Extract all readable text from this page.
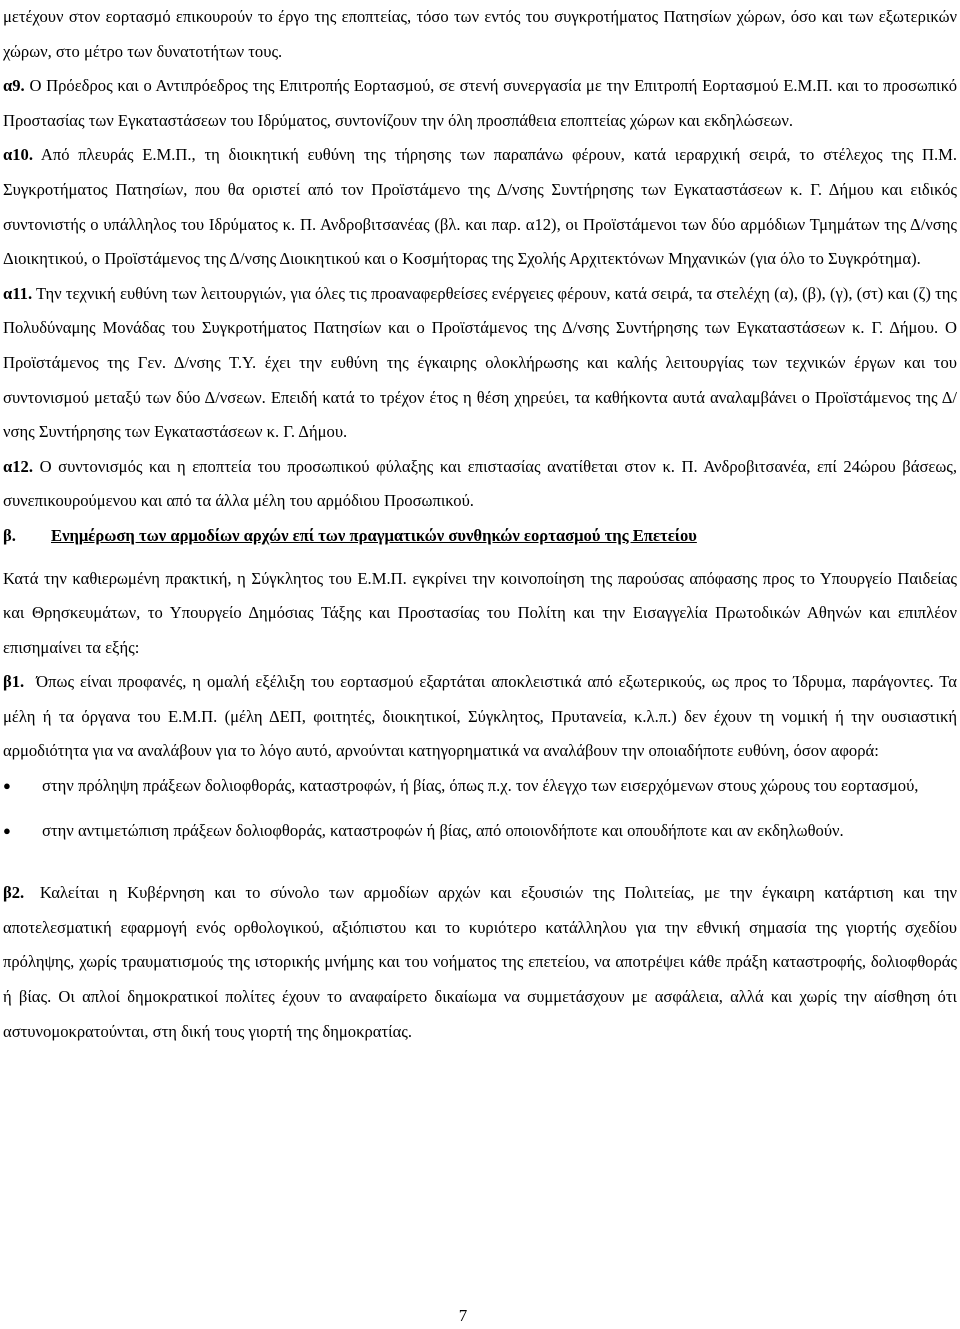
μετέχουν στον εορτασμό επικουρούν το έργο της εποπτείας, τόσο των εντός του συγκροτήματος Πατησίων χώρων, όσο και των εξωτερικών χώρων, στο μέτρο των δυνατοτήτων τους.

α9. Ο Πρόεδρος και ο Αντιπρόεδρος της Επιτροπής Εορτασμού, σε στενή συνεργασία με την Επιτροπή Εορτασμού Ε.Μ.Π. και το προσωπικό Προστασίας των Εγκαταστάσεων του Ιδρύματος, συντονίζουν την όλη προσπάθεια εποπτείας χώρων και εκδηλώσεων.

α10. Από πλευράς Ε.Μ.Π., τη διοικητική ευθύνη της τήρησης των παραπάνω φέρουν, κατά ιεραρχική σειρά, το στέλεχος της Π.Μ. Συγκροτήματος Πατησίων, που θα οριστεί από τον Προϊστάμενο της Δ/νσης Συντήρησης των Εγκαταστάσεων κ. Γ. Δήμου και ειδικός συντονιστής ο υπάλληλος του Ιδρύματος κ. Π. Ανδροβιτσανέας (βλ. και παρ. α12), οι Προϊστάμενοι των δύο αρμόδιων Τμημάτων της Δ/νσης Διοικητικού, ο Προϊστάμενος της Δ/νσης Διοικητικού και ο Κοσμήτορας της Σχολής Αρχιτεκτόνων Μηχανικών (για όλο το Συγκρότημα).

α11. Την τεχνική ευθύνη των λειτουργιών, για όλες τις προαναφερθείσες ενέργειες φέρουν, κατά σειρά, τα στελέχη (α), (β), (γ), (στ) και (ζ) της Πολυδύναμης Μονάδας του Συγκροτήματος Πατησίων και ο Προϊστάμενος της Δ/νσης Συντήρησης των Εγκαταστάσεων κ. Γ. Δήμου. Ο Προϊστάμενος της Γεν. Δ/νσης Τ.Υ. έχει την ευθύνη της έγκαιρης ολοκλήρωσης και καλής λειτουργίας των τεχνικών έργων και του συντονισμού μεταξύ των δύο Δ/νσεων. Επειδή κατά το τρέχον έτος η θέση χηρεύει, τα καθήκοντα αυτά αναλαμβάνει ο Προϊστάμενος της Δ/νσης Συντήρησης των Εγκαταστάσεων κ. Γ. Δήμου.

α12. Ο συντονισμός και η εποπτεία του προσωπικού φύλαξης και επιστασίας ανατίθεται στον κ. Π. Ανδροβιτσανέα, επί 24ώρου βάσεως, συνεπικουρούμενου και από τα άλλα μέλη του αρμόδιου Προσωπικού.

β.	Ενημέρωση των αρμοδίων αρχών επί των πραγματικών συνθηκών εορτασμού της Επετείου

Κατά την καθιερωμένη πρακτική, η Σύγκλητος του Ε.Μ.Π. εγκρίνει την κοινοποίηση της παρούσας απόφασης προς το Υπουργείο Παιδείας και Θρησκευμάτων, το Υπουργείο Δημόσιας Τάξης και Προστασίας του Πολίτη και την Εισαγγελία Πρωτοδικών Αθηνών και επιπλέον επισημαίνει τα εξής:

β1. Όπως είναι προφανές, η ομαλή εξέλιξη του εορτασμού εξαρτάται αποκλειστικά από εξωτερικούς, ως προς το Ίδρυμα, παράγοντες. Τα μέλη ή τα όργανα του Ε.Μ.Π. (μέλη ΔΕΠ, φοιτητές, διοικητικοί, Σύγκλητος, Πρυτανεία, κ.λ.π.) δεν έχουν τη νομική ή την ουσιαστική αρμοδιότητα για να αναλάβουν για το λόγο αυτό, αρνούνται κατηγορηματικά να αναλάβουν την οποιαδήποτε ευθύνη, όσον αφορά:

● στην πρόληψη πράξεων δολιοφθοράς, καταστροφών, ή βίας, όπως π.χ. τον έλεγχο των εισερχόμενων στους χώρους του εορτασμού,

● στην αντιμετώπιση πράξεων δολιοφθοράς, καταστροφών ή βίας, από οποιονδήποτε και οπουδήποτε και αν εκδηλωθούν.

β2. Καλείται η Κυβέρνηση και το σύνολο των αρμοδίων αρχών και εξουσιών της Πολιτείας, με την έγκαιρη κατάρτιση και την αποτελεσματική εφαρμογή ενός ορθολογικού, αξιόπιστου και το κυριότερο κατάλληλου για την εθνική σημασία της γιορτής σχεδίου πρόληψης, χωρίς τραυματισμούς της ιστορικής μνήμης και του νοήματος της επετείου, να αποτρέψει κάθε πράξη καταστροφής, δολιοφθοράς ή βίας. Οι απλοί δημοκρατικοί πολίτες έχουν το αναφαίρετο δικαίωμα να συμμετάσχουν με ασφάλεια, αλλά και χωρίς την αίσθηση ότι αστυνομοκρατούνται, στη δική τους γιορτή της δημοκρατίας.

7
